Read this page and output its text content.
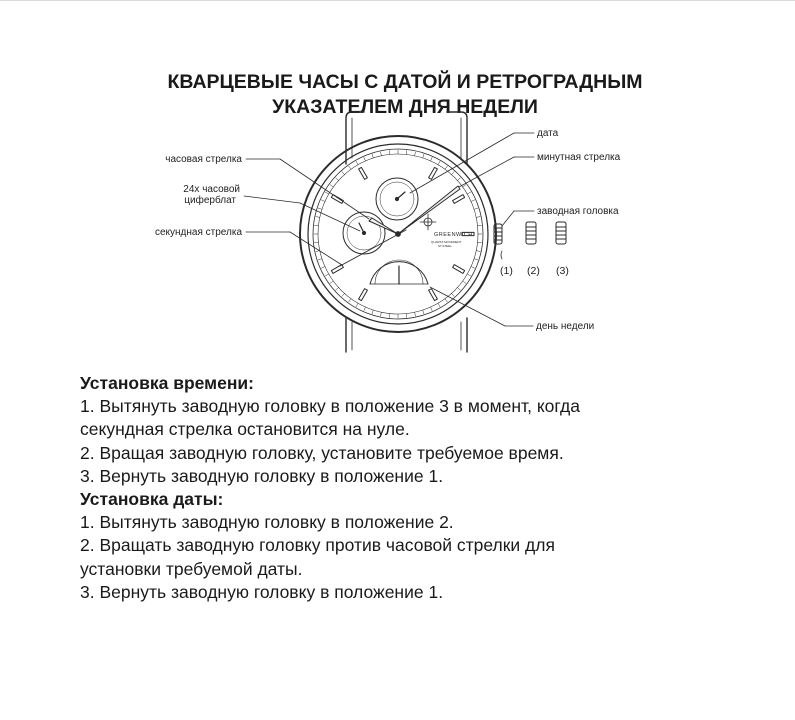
КВАРЦЕВЫЕ ЧАСЫ С ДАТОЙ И РЕТРОГРАДНЫМ
УКАЗАТЕЛЕМ ДНЯ НЕДЕЛИ
часовая стрелка
24х часовой
циферблат
секундная стрелка
дата
минутная стрелка
заводная головка
день недели
(1) (2) (3)
GREENWICH
QUARTZ MOVEMENT
ST.STEEL
Установка времени:
1. Вытянуть заводную головку в положение 3 в момент, когда
секундная стрелка остановится на нуле.
2. Вращая заводную головку, установите требуемое время.
3. Вернуть заводную головку в положение 1.
Установка даты:
1. Вытянуть заводную головку в положение 2.
2. Вращать заводную головку против часовой стрелки для
установки требуемой даты.
3. Вернуть заводную головку в положение 1.
